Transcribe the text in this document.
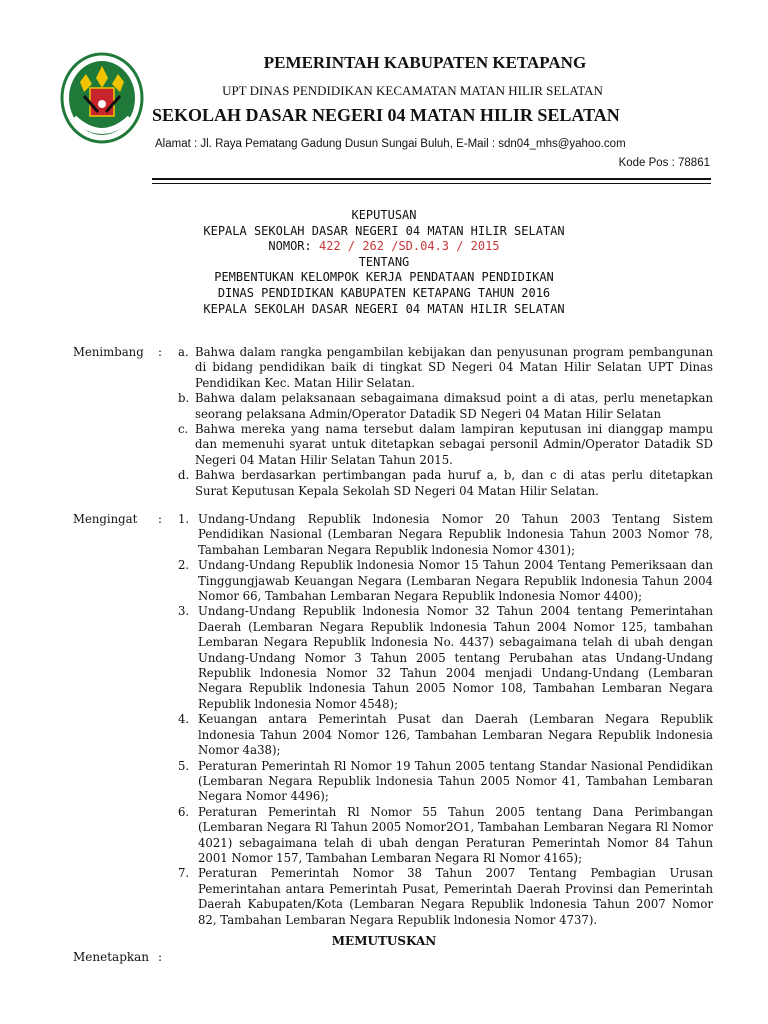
PEMERINTAH KABUPATEN KETAPANG
UPT DINAS PENDIDIKAN KECAMATAN MATAN HILIR SELATAN
SEKOLAH DASAR NEGERI 04 MATAN HILIR SELATAN
Alamat : Jl. Raya Pematang Gadung Dusun Sungai Buluh, E-Mail : sdn04_mhs@yahoo.com
Kode Pos : 78861
KEPUTUSAN
KEPALA SEKOLAH DASAR NEGERI 04 MATAN HILIR SELATAN
NOMOR: 422 / 262 /SD.04.3 / 2015
TENTANG
PEMBENTUKAN KELOMPOK KERJA PENDATAAN PENDIDIKAN
DINAS PENDIDIKAN KABUPATEN KETAPANG TAHUN 2016
KEPALA SEKOLAH DASAR NEGERI 04 MATAN HILIR SELATAN
Menimbang : a. Bahwa dalam rangka pengambilan kebijakan dan penyusunan program pembangunan di bidang pendidikan baik di tingkat SD Negeri 04 Matan Hilir Selatan UPT Dinas Pendidikan Kec. Matan Hilir Selatan.
b. Bahwa dalam pelaksanaan sebagaimana dimaksud point a di atas, perlu menetapkan seorang pelaksana Admin/Operator Datadik SD Negeri 04 Matan Hilir Selatan
c. Bahwa mereka yang nama tersebut dalam lampiran keputusan ini dianggap mampu dan memenuhi syarat untuk ditetapkan sebagai personil Admin/Operator Datadik SD Negeri 04 Matan Hilir Selatan Tahun 2015.
d. Bahwa berdasarkan pertimbangan pada huruf a, b, dan c di atas perlu ditetapkan Surat Keputusan Kepala Sekolah SD Negeri 04 Matan Hilir Selatan.
Mengingat : 1. Undang-Undang Republik lndonesia Nomor 20 Tahun 2003 Tentang Sistem Pendidikan Nasional (Lembaran Negara Republik lndonesia Tahun 2003 Nomor 78, Tambahan Lembaran Negara Republik lndonesia Nomor 4301);
2. Undang-Undang Republik lndonesia Nomor 15 Tahun 2004 Tentang Pemeriksaan dan Tinggungjawab Keuangan Negara (Lembaran Negara Republik lndonesia Tahun 2004 Nomor 66, Tambahan Lembaran Negara Republik lndonesia Nomor 4400);
3. Undang-Undang Republik lndonesia Nomor 32 Tahun 2004 tentang Pemerintahan Daerah (Lembaran Negara Republik lndonesia Tahun 2004 Nomor 125, tambahan Lembaran Negara Republik lndonesia No. 4437) sebagaimana telah di ubah dengan Undang-Undang Nomor 3 Tahun 2005 tentang Perubahan atas Undang-Undang Republik lndonesia Nomor 32 Tahun 2004 menjadi Undang-Undang (Lembaran Negara Republik lndonesia Tahun 2005 Nomor 108, Tambahan Lembaran Negara Republik lndonesia Nomor 4548);
4. Keuangan antara Pemerintah Pusat dan Daerah (Lembaran Negara Republik lndonesia Tahun 2004 Nomor 126, Tambahan Lembaran Negara Republik lndonesia Nomor 4a38);
5. Peraturan Pemerintah Rl Nomor 19 Tahun 2005 tentang Standar Nasional Pendidikan (Lembaran Negara Republik lndonesia Tahun 2005 Nomor 41, Tambahan Lembaran Negara Nomor 4496);
6. Peraturan Pemerintah Rl Nomor 55 Tahun 2005 tentang Dana Perimbangan (Lembaran Negara Rl Tahun 2005 Nomor2O1, Tambahan Lembaran Negara Rl Nomor 4021) sebagaimana telah di ubah dengan Peraturan Pemerintah Nomor 84 Tahun 2001 Nomor 157, Tambahan Lembaran Negara Rl Nomor 4165);
7. Peraturan Pemerintah Nomor 38 Tahun 2007 Tentang Pembagian Urusan Pemerintahan antara Pemerintah Pusat, Pemerintah Daerah Provinsi dan Pemerintah Daerah Kabupaten/Kota (Lembaran Negara Republik lndonesia Tahun 2007 Nomor 82, Tambahan Lembaran Negara Republik lndonesia Nomor 4737).
MEMUTUSKAN
Menetapkan :
